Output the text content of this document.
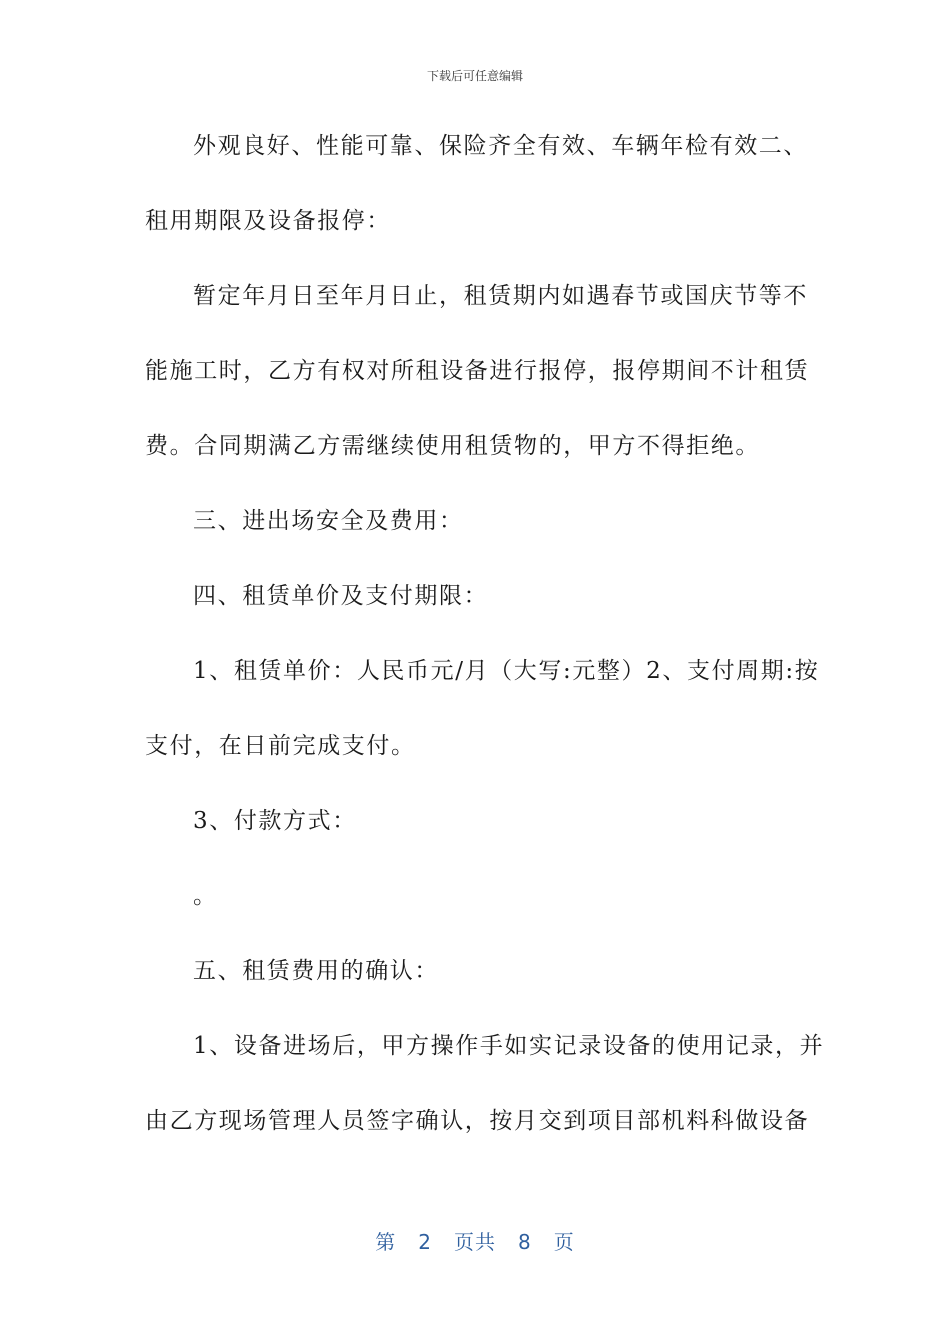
下载后可任意编辑
外观良好、性能可靠、保险齐全有效、车辆年检有效二、
租用期限及设备报停：
暂定年月日至年月日止，租赁期内如遇春节或国庆节等不
能施工时，乙方有权对所租设备进行报停，报停期间不计租赁
费。合同期满乙方需继续使用租赁物的，甲方不得拒绝。
三、进出场安全及费用：
四、租赁单价及支付期限：
1、租赁单价：人民币元/月（大写:元整）2、支付周期:按
支付，在日前完成支付。
3、付款方式：
。
五、租赁费用的确认：
1、设备进场后，甲方操作手如实记录设备的使用记录，并
由乙方现场管理人员签字确认，按月交到项目部机料科做设备
第 2 页共 8 页
